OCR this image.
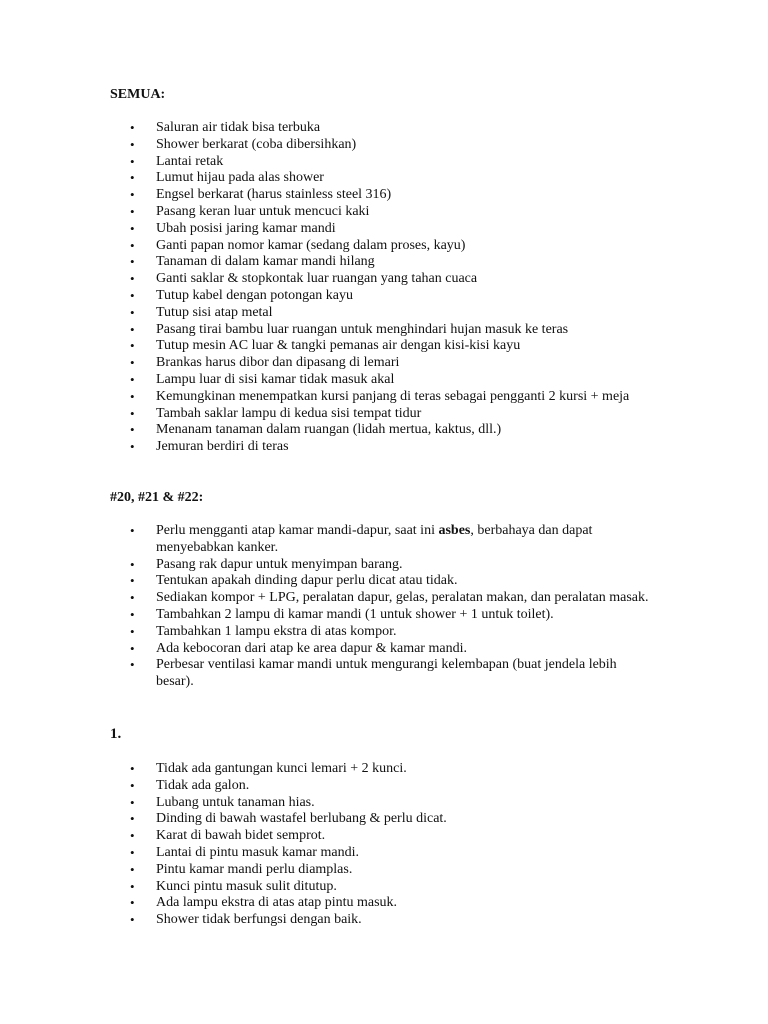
SEMUA:

• Saluran air tidak bisa terbuka
• Shower berkarat (coba dibersihkan)
• Lantai retak
• Lumut hijau pada alas shower
• Engsel berkarat (harus stainless steel 316)
• Pasang keran luar untuk mencuci kaki
• Ubah posisi jaring kamar mandi
• Ganti papan nomor kamar (sedang dalam proses, kayu)
• Tanaman di dalam kamar mandi hilang
• Ganti saklar & stopkontak luar ruangan yang tahan cuaca
• Tutup kabel dengan potongan kayu
• Tutup sisi atap metal
• Pasang tirai bambu luar ruangan untuk menghindari hujan masuk ke teras
• Tutup mesin AC luar & tangki pemanas air dengan kisi-kisi kayu
• Brankas harus dibor dan dipasang di lemari
• Lampu luar di sisi kamar tidak masuk akal
• Kemungkinan menempatkan kursi panjang di teras sebagai pengganti 2 kursi + meja
• Tambah saklar lampu di kedua sisi tempat tidur
• Menanam tanaman dalam ruangan (lidah mertua, kaktus, dll.)
• Jemuran berdiri di teras

#20, #21 & #22:

• Perlu mengganti atap kamar mandi-dapur, saat ini asbes, berbahaya dan dapat menyebabkan kanker.
• Pasang rak dapur untuk menyimpan barang.
• Tentukan apakah dinding dapur perlu dicat atau tidak.
• Sediakan kompor + LPG, peralatan dapur, gelas, peralatan makan, dan peralatan masak.
• Tambahkan 2 lampu di kamar mandi (1 untuk shower + 1 untuk toilet).
• Tambahkan 1 lampu ekstra di atas kompor.
• Ada kebocoran dari atap ke area dapur & kamar mandi.
• Perbesar ventilasi kamar mandi untuk mengurangi kelembapan (buat jendela lebih besar).

1.

• Tidak ada gantungan kunci lemari + 2 kunci.
• Tidak ada galon.
• Lubang untuk tanaman hias.
• Dinding di bawah wastafel berlubang & perlu dicat.
• Karat di bawah bidet semprot.
• Lantai di pintu masuk kamar mandi.
• Pintu kamar mandi perlu diamplas.
• Kunci pintu masuk sulit ditutup.
• Ada lampu ekstra di atas atap pintu masuk.
• Shower tidak berfungsi dengan baik.
